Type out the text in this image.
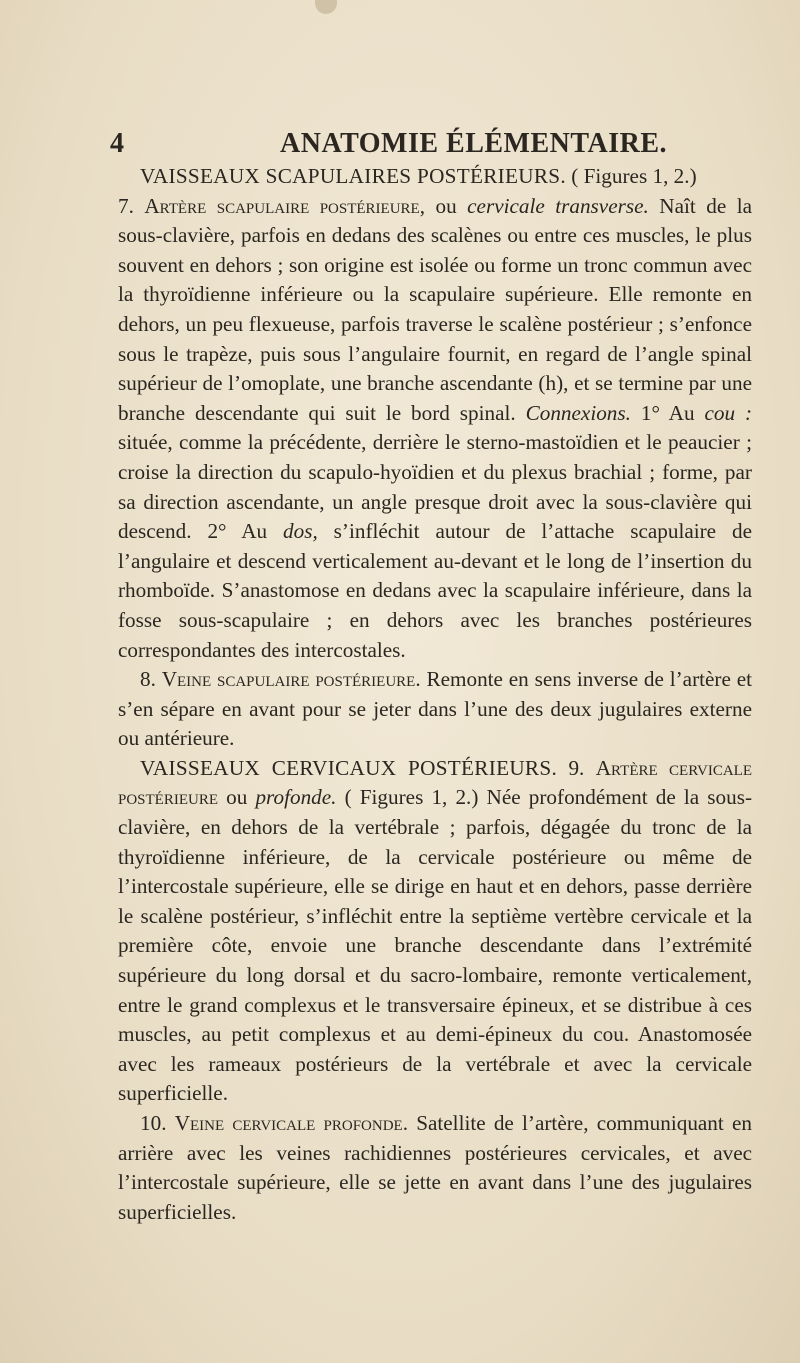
4	ANATOMIE ÉLÉMENTAIRE.

VAISSEAUX SCAPULAIRES POSTÉRIEURS. ( Figures 1, 2.)

7. Artère scapulaire postérieure, ou cervicale transverse. Naît de la sous-clavière, parfois en dedans des scalènes ou entre ces muscles, le plus souvent en dehors ; son origine est isolée ou forme un tronc commun avec la thyroïdienne inférieure ou la scapulaire supérieure. Elle remonte en dehors, un peu flexueuse, parfois traverse le scalène postérieur ; s’enfonce sous le trapèze, puis sous l’angulaire fournit, en regard de l’angle spinal supérieur de l’omoplate, une branche ascendante (h), et se termine par une branche descendante qui suit le bord spinal. Connexions. 1° Au cou : située, comme la précédente, derrière le sterno-mastoïdien et le peaucier ; croise la direction du scapulo-hyoïdien et du plexus brachial ; forme, par sa direction ascendante, un angle presque droit avec la sous-clavière qui descend. 2° Au dos, s’infléchit autour de l’attache scapulaire de l’angulaire et descend verticalement au-devant et le long de l’insertion du rhomboïde. S’anastomose en dedans avec la scapulaire inférieure, dans la fosse sous-scapulaire ; en dehors avec les branches postérieures correspondantes des intercostales.

8. Veine scapulaire postérieure. Remonte en sens inverse de l’artère et s’en sépare en avant pour se jeter dans l’une des deux jugulaires externe ou antérieure.

VAISSEAUX CERVICAUX POSTÉRIEURS. 9. Artère cervicale postérieure ou profonde. ( Figures 1, 2.) Née profondément de la sous-clavière, en dehors de la vertébrale ; parfois, dégagée du tronc de la thyroïdienne inférieure, de la cervicale postérieure ou même de l’intercostale supérieure, elle se dirige en haut et en dehors, passe derrière le scalène postérieur, s’infléchit entre la septième vertèbre cervicale et la première côte, envoie une branche descendante dans l’extrémité supérieure du long dorsal et du sacro-lombaire, remonte verticalement, entre le grand complexus et le transversaire épineux, et se distribue à ces muscles, au petit complexus et au demi-épineux du cou. Anastomosée avec les rameaux postérieurs de la vertébrale et avec la cervicale superficielle.

10. Veine cervicale profonde. Satellite de l’artère, communiquant en arrière avec les veines rachidiennes postérieures cervicales, et avec l’intercostale supérieure, elle se jette en avant dans l’une des jugulaires superficielles.
